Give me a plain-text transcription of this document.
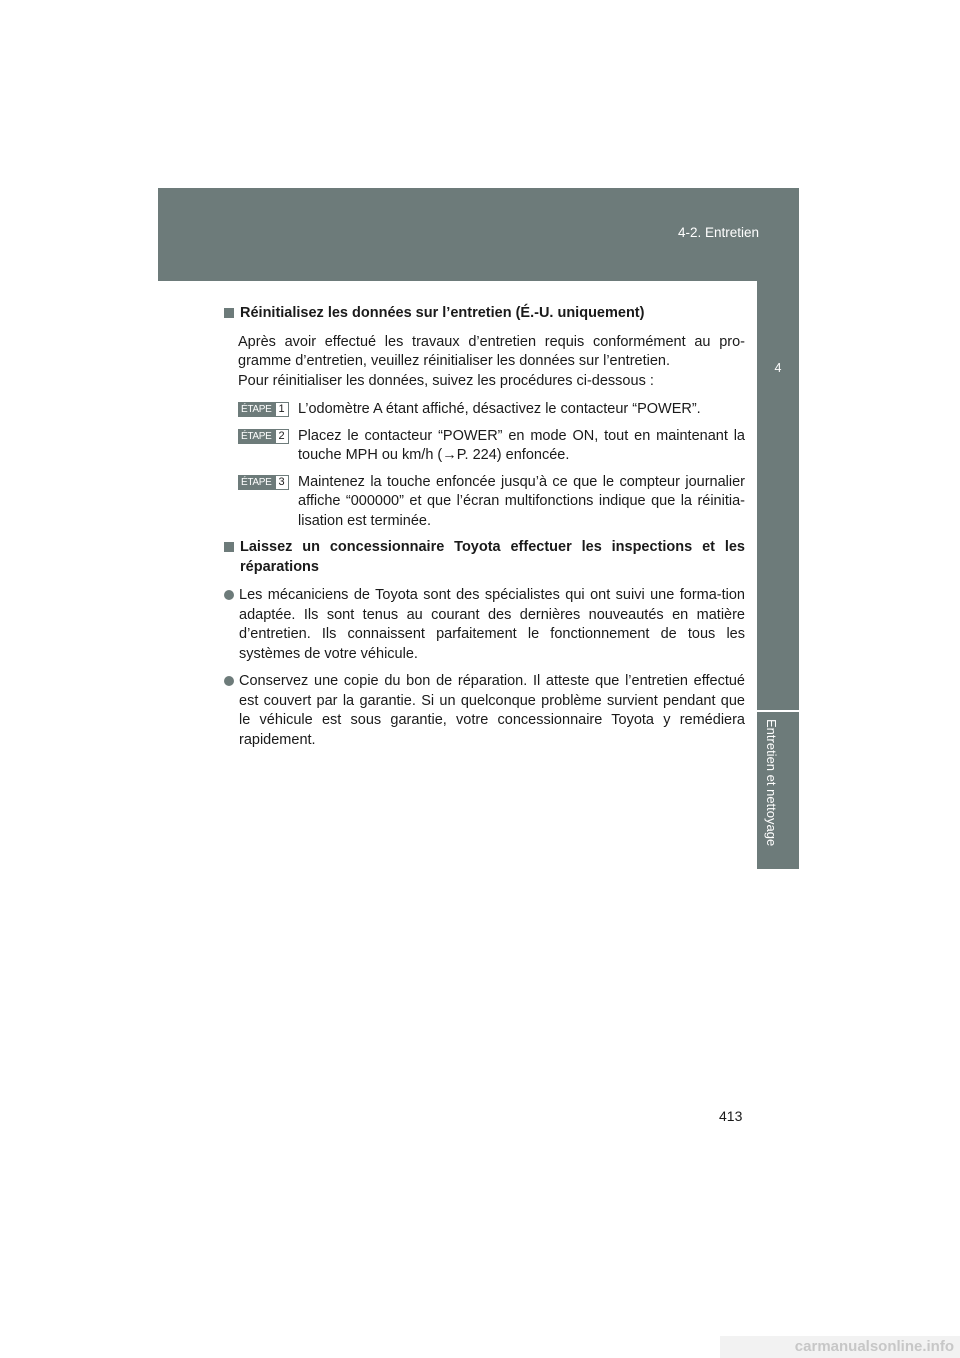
4-2. Entretien
4
Entretien et nettoyage
Réinitialisez les données sur l’entretien (É.-U. uniquement)
Après avoir effectué les travaux d’entretien requis conformément au pro-
gramme d’entretien, veuillez réinitialiser les données sur l’entretien.
Pour réinitialiser les données, suivez les procédures ci-dessous :
ÉTAPE 1 L’odomètre A étant affiché, désactivez le contacteur “POWER”.
ÉTAPE 2 Placez le contacteur “POWER” en mode ON, tout en maintenant la touche MPH ou km/h (→P. 224) enfoncée.
ÉTAPE 3 Maintenez la touche enfoncée jusqu’à ce que le compteur journalier affiche “000000” et que l’écran multifonctions indique que la réinitia-lisation est terminée.
Laissez un concessionnaire Toyota effectuer les inspections et les réparations
Les mécaniciens de Toyota sont des spécialistes qui ont suivi une forma-tion adaptée. Ils sont tenus au courant des dernières nouveautés en matière d’entretien. Ils connaissent parfaitement le fonctionnement de tous les systèmes de votre véhicule.
Conservez une copie du bon de réparation. Il atteste que l’entretien effectué est couvert par la garantie. Si un quelconque problème survient pendant que le véhicule est sous garantie, votre concessionnaire Toyota y remédiera rapidement.
413
carmanualsonline.info
